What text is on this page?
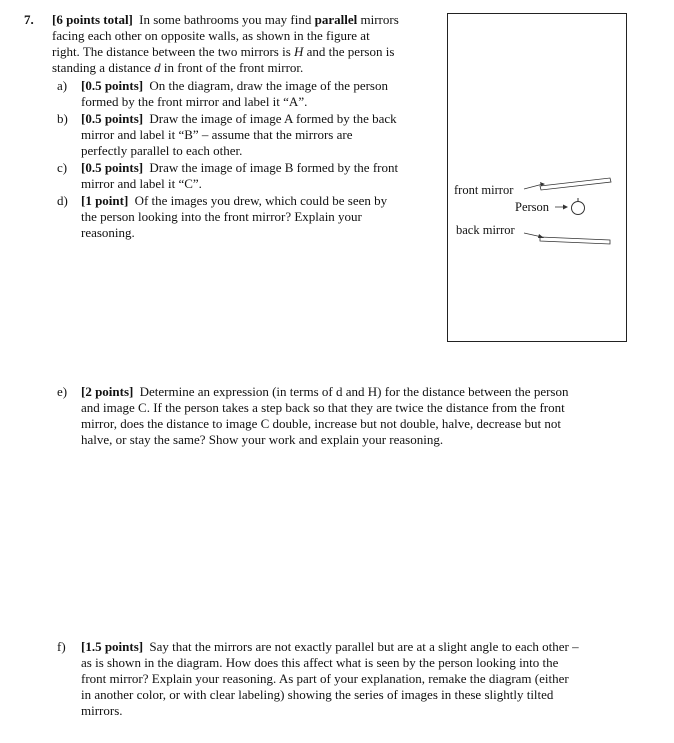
7. [6 points total] In some bathrooms you may find parallel mirrors
facing each other on opposite walls, as shown in the figure at
right. The distance between the two mirrors is H and the person is
standing a distance d in front of the front mirror.
a) [0.5 points] On the diagram, draw the image of the person
formed by the front mirror and label it “A”.
b) [0.5 points] Draw the image of image A formed by the back
mirror and label it “B” – assume that the mirrors are
perfectly parallel to each other.
c) [0.5 points] Draw the image of image B formed by the front
mirror and label it “C”.
d) [1 point] Of the images you drew, which could be seen by
the person looking into the front mirror? Explain your
reasoning.
front mirror
Person
back mirror
e) [2 points] Determine an expression (in terms of d and H) for the distance between the person
and image C. If the person takes a step back so that they are twice the distance from the front
mirror, does the distance to image C double, increase but not double, halve, decrease but not
halve, or stay the same? Show your work and explain your reasoning.
f) [1.5 points] Say that the mirrors are not exactly parallel but are at a slight angle to each other –
as is shown in the diagram. How does this affect what is seen by the person looking into the
front mirror? Explain your reasoning. As part of your explanation, remake the diagram (either
in another color, or with clear labeling) showing the series of images in these slightly tilted
mirrors.
